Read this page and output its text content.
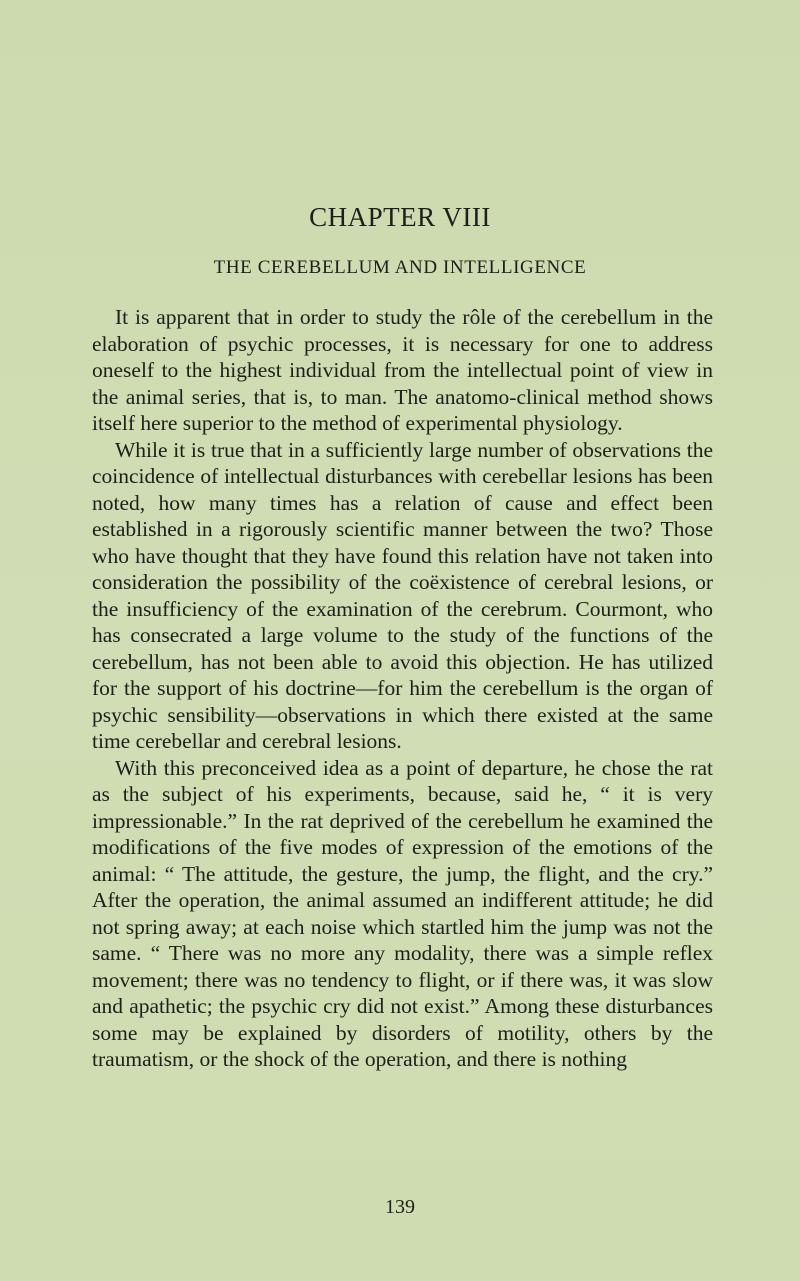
CHAPTER VIII
THE CEREBELLUM AND INTELLIGENCE

It is apparent that in order to study the rôle of the cerebellum in the elaboration of psychic processes, it is necessary for one to address oneself to the highest individual from the intellectual point of view in the animal series, that is, to man. The anatomo-clinical method shows itself here superior to the method of experimental physiology.

While it is true that in a sufficiently large number of observations the coincidence of intellectual disturbances with cerebellar lesions has been noted, how many times has a relation of cause and effect been established in a rigorously scientific manner between the two? Those who have thought that they have found this relation have not taken into consideration the possibility of the coëxistence of cerebral lesions, or the insufficiency of the examination of the cerebrum. Courmont, who has consecrated a large volume to the study of the functions of the cerebellum, has not been able to avoid this objection. He has utilized for the support of his doctrine—for him the cerebellum is the organ of psychic sensibility—observations in which there existed at the same time cerebellar and cerebral lesions.

With this preconceived idea as a point of departure, he chose the rat as the subject of his experiments, because, said he, “ it is very impressionable.” In the rat deprived of the cerebellum he examined the modifications of the five modes of expression of the emotions of the animal: “ The attitude, the gesture, the jump, the flight, and the cry.” After the operation, the animal assumed an indifferent attitude; he did not spring away; at each noise which startled him the jump was not the same. “ There was no more any modality, there was a simple reflex movement; there was no tendency to flight, or if there was, it was slow and apathetic; the psychic cry did not exist.” Among these disturbances some may be explained by disorders of motility, others by the traumatism, or the shock of the operation, and there is nothing

139
